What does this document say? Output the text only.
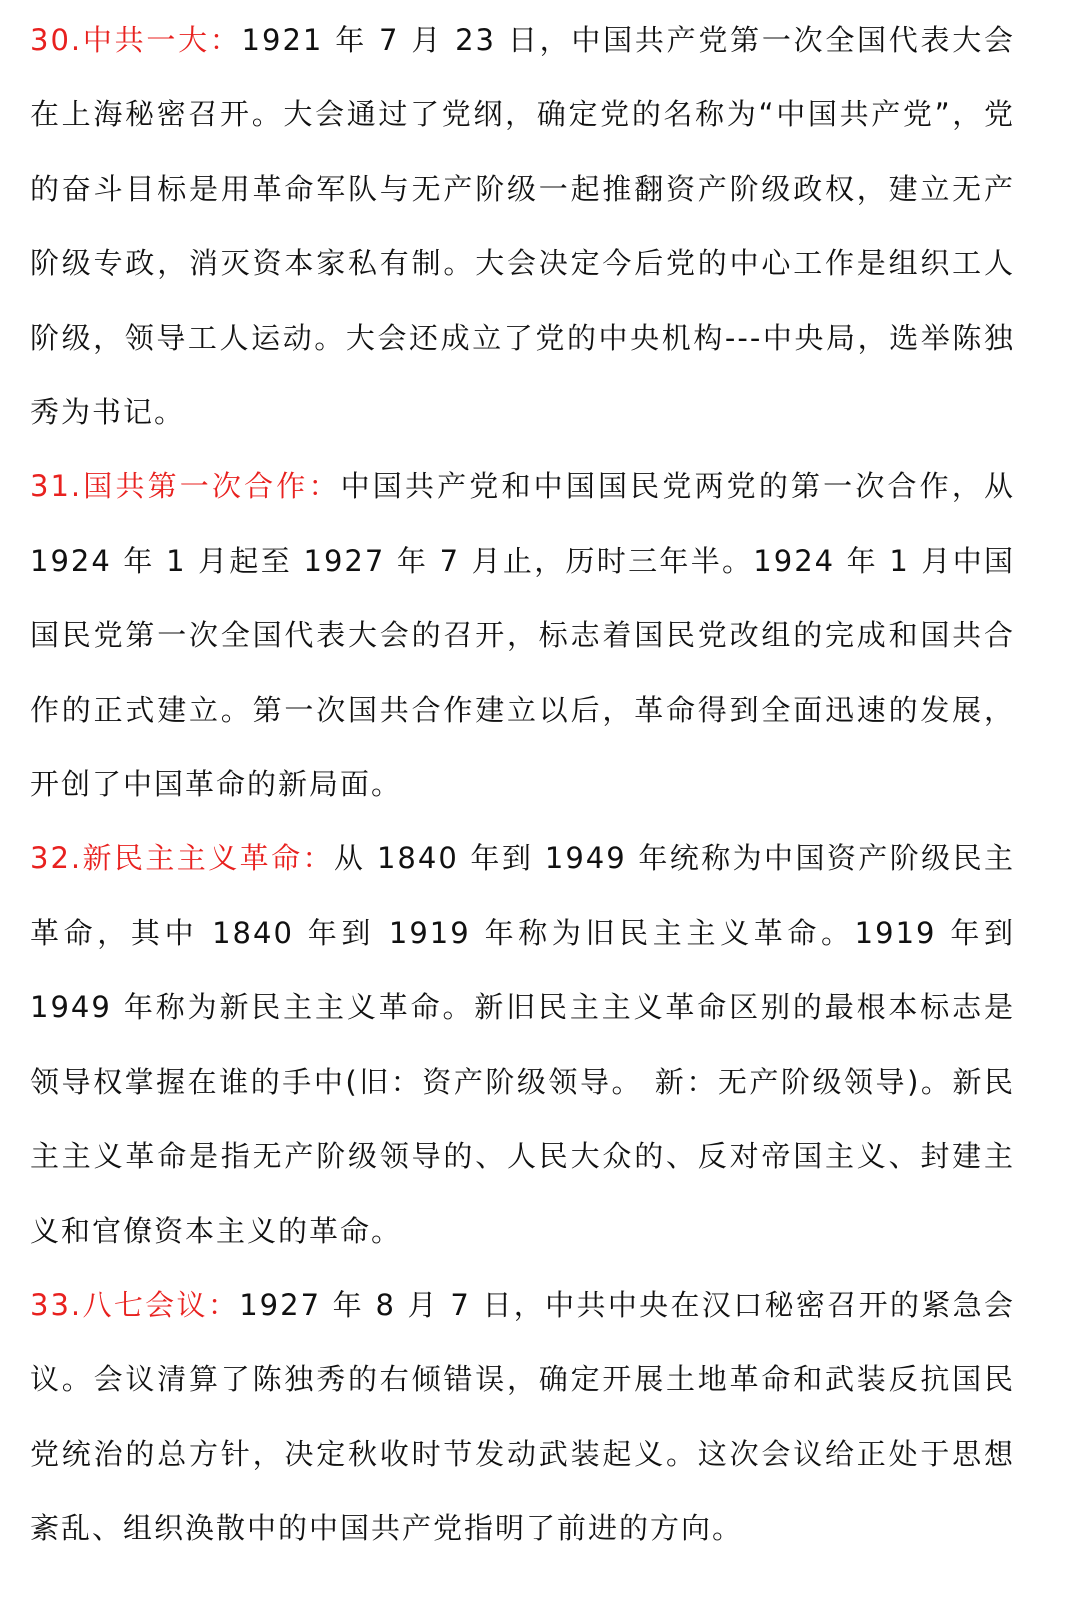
30.中共一大：1921 年 7 月 23 日，中国共产党第一次全国代表大会在上海秘密召开。大会通过了党纲，确定党的名称为“中国共产党”，党的奋斗目标是用革命军队与无产阶级一起推翻资产阶级政权，建立无产阶级专政，消灭资本家私有制。大会决定今后党的中心工作是组织工人阶级，领导工人运动。大会还成立了党的中央机构---中央局，选举陈独秀为书记。

31.国共第一次合作：中国共产党和中国国民党两党的第一次合作，从 1924 年 1 月起至 1927 年 7 月止，历时三年半。1924 年 1 月中国国民党第一次全国代表大会的召开，标志着国民党改组的完成和国共合作的正式建立。第一次国共合作建立以后，革命得到全面迅速的发展，开创了中国革命的新局面。

32.新民主主义革命：从 1840 年到 1949 年统称为中国资产阶级民主革命，其中 1840 年到 1919 年称为旧民主主义革命。1919 年到 1949 年称为新民主主义革命。新旧民主主义革命区别的最根本标志是领导权掌握在谁的手中(旧：资产阶级领导。 新：无产阶级领导)。新民主主义革命是指无产阶级领导的、人民大众的、反对帝国主义、封建主义和官僚资本主义的革命。

33.八七会议：1927 年 8 月 7 日，中共中央在汉口秘密召开的紧急会议。会议清算了陈独秀的右倾错误，确定开展土地革命和武装反抗国民党统治的总方针，决定秋收时节发动武装起义。这次会议给正处于思想紊乱、组织涣散中的中国共产党指明了前进的方向。
